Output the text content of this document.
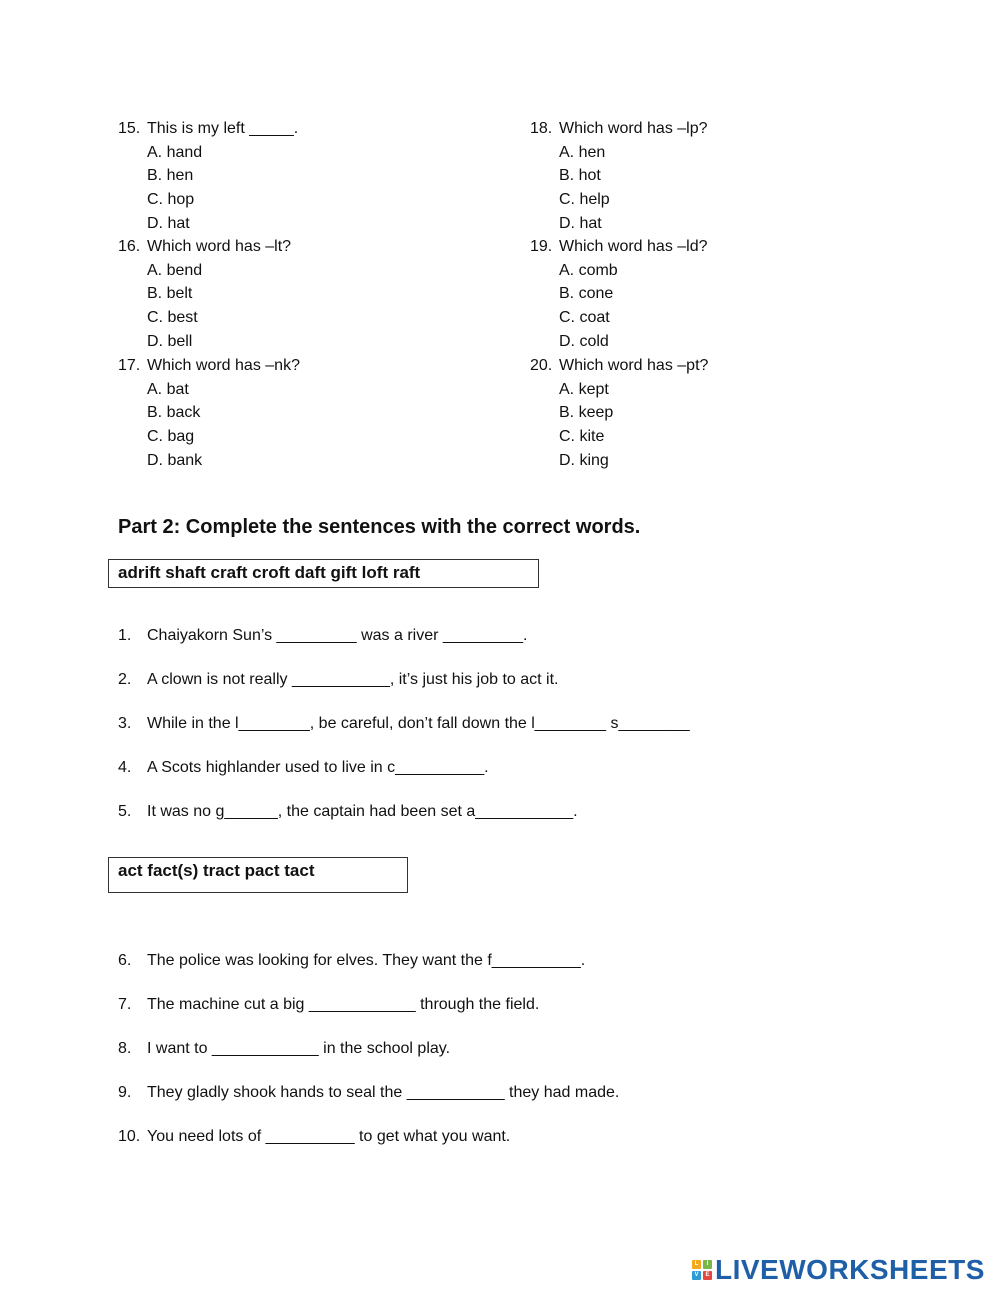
15. This is my left _____.
A. hand
B. hen
C. hop
D. hat
16. Which word has –lt?
A. bend
B. belt
C. best
D. bell
17. Which word has –nk?
A. bat
B. back
C. bag
D. bank
18. Which word has –lp?
A. hen
B. hot
C. help
D. hat
19. Which word has –ld?
A. comb
B. cone
C. coat
D. cold
20. Which word has –pt?
A. kept
B. keep
C. kite
D. king
Part 2: Complete the sentences with the correct words.
adrift shaft craft croft daft gift loft raft
1. Chaiyakorn Sun’s _________ was a river _________.
2. A clown is not really ___________, it’s just his job to act it.
3. While in the l________, be careful, don’t fall down the l________ s________
4. A Scots highlander used to live in c__________.
5. It was no g______, the captain had been set a___________.
act fact(s) tract pact tact
6. The police was looking for elves. They want the f__________.
7. The machine cut a big ____________ through the field.
8. I want to ____________ in the school play.
9. They gladly shook hands to seal the ___________ they had made.
10. You need lots of __________ to get what you want.
L	I
V	E LIVEWORKSHEETS
